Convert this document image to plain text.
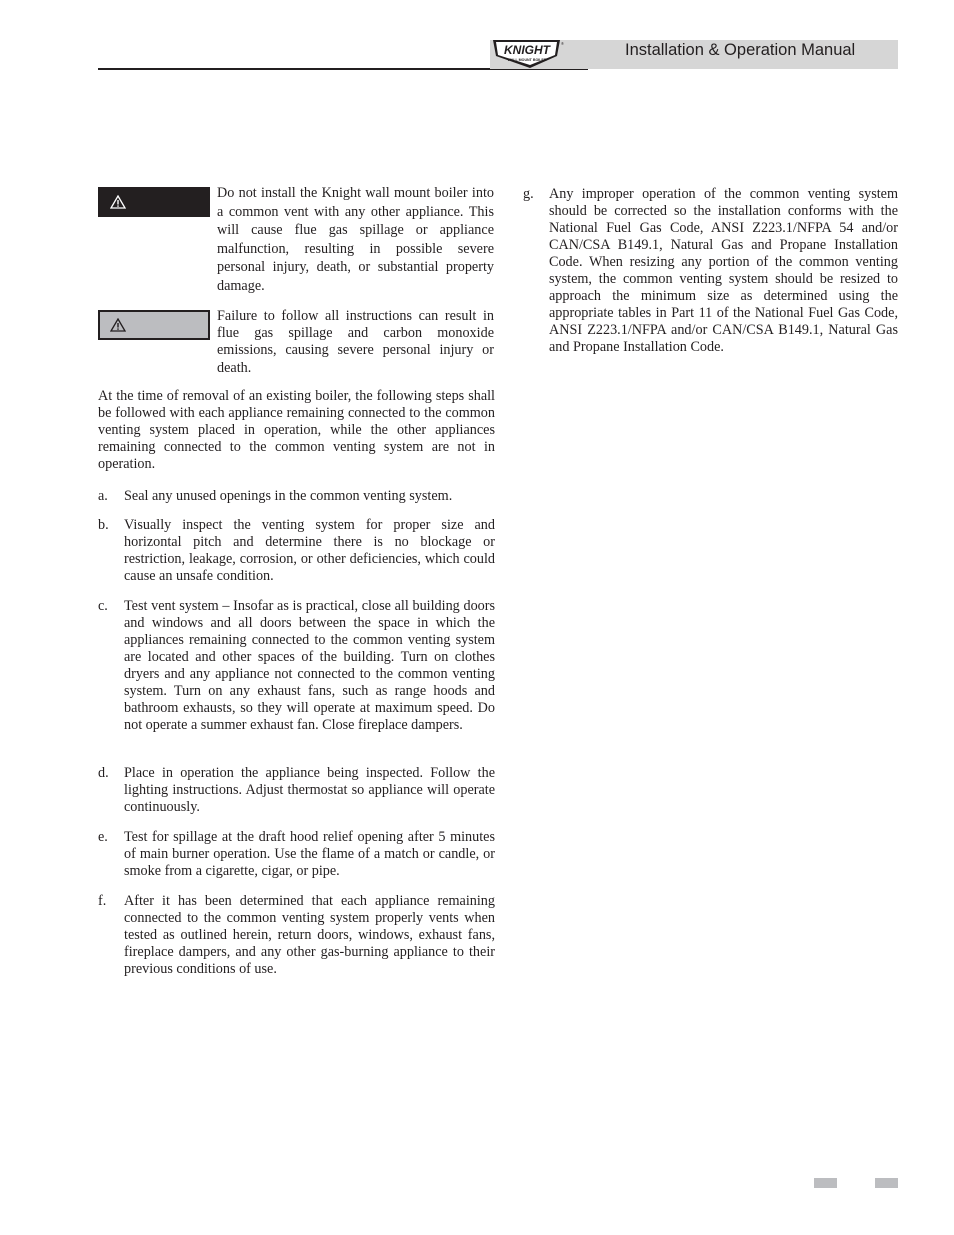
KNIGHT
WALL MOUNT BOILER
®	Installation & Operation Manual
Do not install the Knight wall mount boiler into a common vent with any other appliance. This will cause flue gas spillage or appliance malfunction, resulting in possible severe personal injury, death, or substantial property damage.
Failure to follow all instructions can result in flue gas spillage and carbon monoxide emissions, causing severe personal injury or death.
At the time of removal of an existing boiler, the following steps shall be followed with each appliance remaining connected to the common venting system placed in operation, while the other appliances remaining connected to the common venting system are not in operation.
a. Seal any unused openings in the common venting system.
b. Visually inspect the venting system for proper size and horizontal pitch and determine there is no blockage or restriction, leakage, corrosion, or other deficiencies, which could cause an unsafe condition.
c. Test vent system – Insofar as is practical, close all building doors and windows and all doors between the space in which the appliances remaining connected to the common venting system are located and other spaces of the building. Turn on clothes dryers and any appliance not connected to the common venting system. Turn on any exhaust fans, such as range hoods and bathroom exhausts, so they will operate at maximum speed. Do not operate a summer exhaust fan. Close fireplace dampers.
d. Place in operation the appliance being inspected. Follow the lighting instructions. Adjust thermostat so appliance will operate continuously.
e. Test for spillage at the draft hood relief opening after 5 minutes of main burner operation. Use the flame of a match or candle, or smoke from a cigarette, cigar, or pipe.
f. After it has been determined that each appliance remaining connected to the common venting system properly vents when tested as outlined herein, return doors, windows, exhaust fans, fireplace dampers, and any other gas-burning appliance to their previous conditions of use.
g. Any improper operation of the common venting system should be corrected so the installation conforms with the National Fuel Gas Code, ANSI Z223.1/NFPA 54 and/or CAN/CSA B149.1, Natural Gas and Propane Installation Code. When resizing any portion of the common venting system, the common venting system should be resized to approach the minimum size as determined using the appropriate tables in Part 11 of the National Fuel Gas Code, ANSI Z223.1/NFPA and/or CAN/CSA B149.1, Natural Gas and Propane Installation Code.
